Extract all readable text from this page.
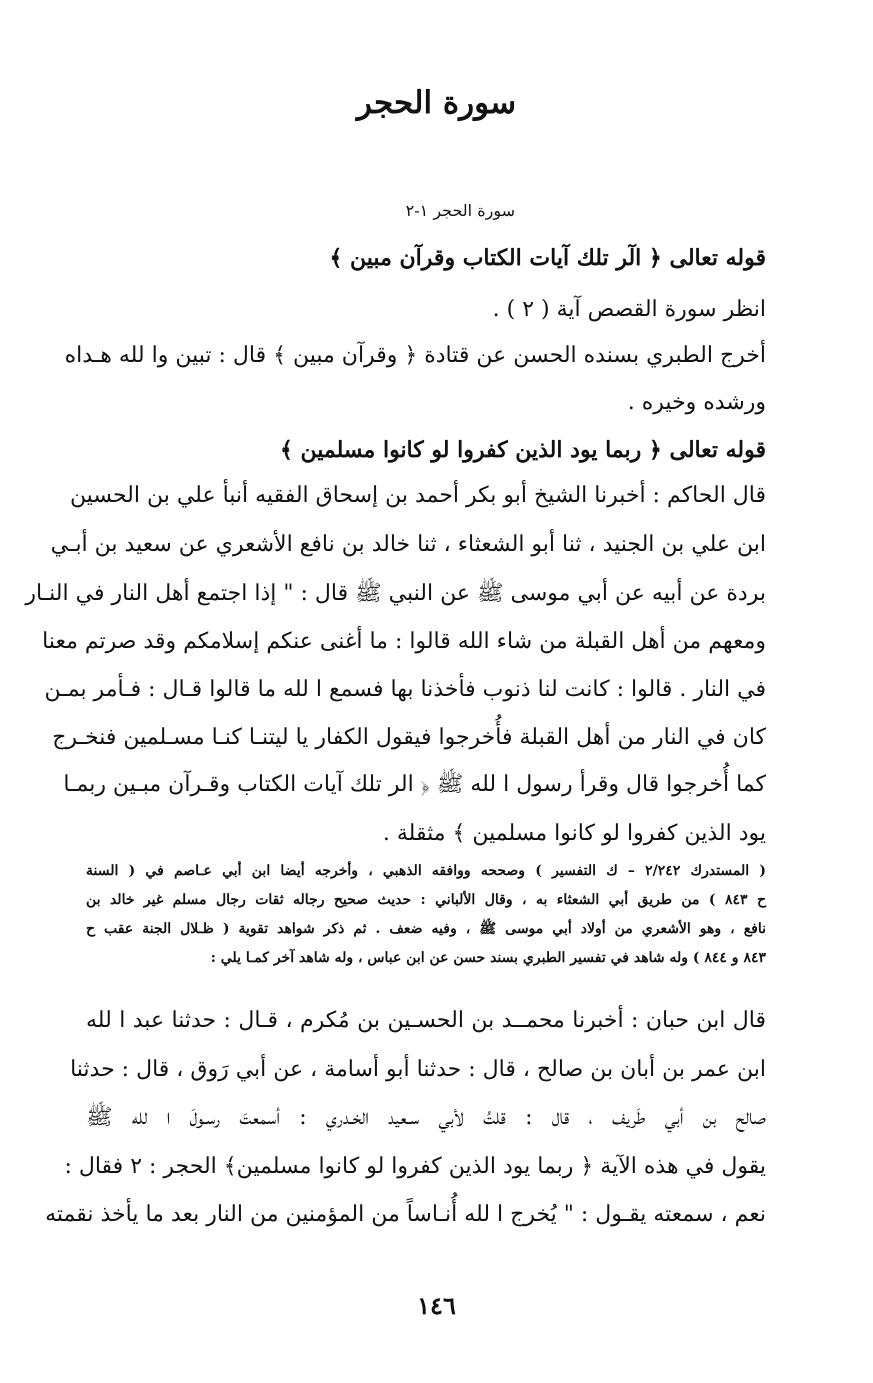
سورة الحجر
سورة الحجر ١-٢
قوله تعالى ﴿ الٓر تلك آيات الكتاب وقرآن مبين ﴾
انظر سورة القصص آية ( ٢ ) .
أخرج الطبري بسنده الحسن عن قتادة ﴿ وقرآن مبين ﴾ قال : تبين وا لله هـداه
ورشده وخيره .
قوله تعالى ﴿ ربما يود الذين كفروا لو كانوا مسلمين ﴾
قال الحاكم : أخبرنا الشيخ أبو بكر أحمد بن إسحاق الفقيه أنبأ علي بن الحسين
ابن علي بن الجنيد ، ثنا أبو الشعثاء ، ثنا خالد بن نافع الأشعري عن سعيد بن أبـي
بردة عن أبيه عن أبي موسى ﷺ عن النبي ﷺ قال : " إذا اجتمع أهل النار في النـار
ومعهم من أهل القبلة من شاء الله قالوا : ما أغنى عنكم إسلامكم وقد صرتم معنا
في النار . قالوا : كانت لنا ذنوب فأخذنا بها فسمع ا لله ما قالوا قـال : فـأمر بمـن
كان في النار من أهل القبلة فأُخرجوا فيقول الكفار يا ليتنـا كنـا مسـلمين فنخـرج
كما أُخرجوا قال وقرأ رسول ا لله ﷺ ﴿ الر تلك آيات الكتاب وقـرآن مبـين ربمـا
يود الذين كفروا لو كانوا مسلمين ﴾ مثقلة .
( المستدرك ٢/٢٤٢ – ك التفسير ) وصححه ووافقه الذهبي ، وأخرجه أيضا ابن أبي عـاصم في ( السنة
ح ٨٤٣ ) من طريق أبي الشعثاء به ، وقال الألباني : حديث صحيح رجاله ثقات رجال مسلم غير خالد بن
نافع ، وهو الأشعري من أولاد أبي موسى ﷺ ، وفيه ضعف . ثم ذكر شواهد تقوية ( ظـلال الجنة عقب ح
٨٤٣ و ٨٤٤ ) وله شاهد في تفسير الطبري بسند حسن عن ابن عباس ، وله شاهد آخر كمـا يلي :
قال ابن حبان : أخبرنا محمــد بن الحسـين بن مُكرم ، قـال : حدثنا عبد ا لله
ابن عمر بن أبان بن صالح ، قال : حدثنا أبو أسامة ، عن أبي رَوق ، قال : حدثنا
صالح بن أبي طَريف ، قال : قلتُ لأبي سـعيد الخـدري : أسمعتَ رسـولَ ا لله ﷺ
يقول في هذه الآية ﴿ ربما يود الذين كفروا لو كانوا مسلمين﴾ الحجر : ٢ فقال :
نعم ، سمعته يقـول : " يُخرج ا لله أُنـاساً من المؤمنين من النار بعد ما يأخذ نقمته
١٤٦
